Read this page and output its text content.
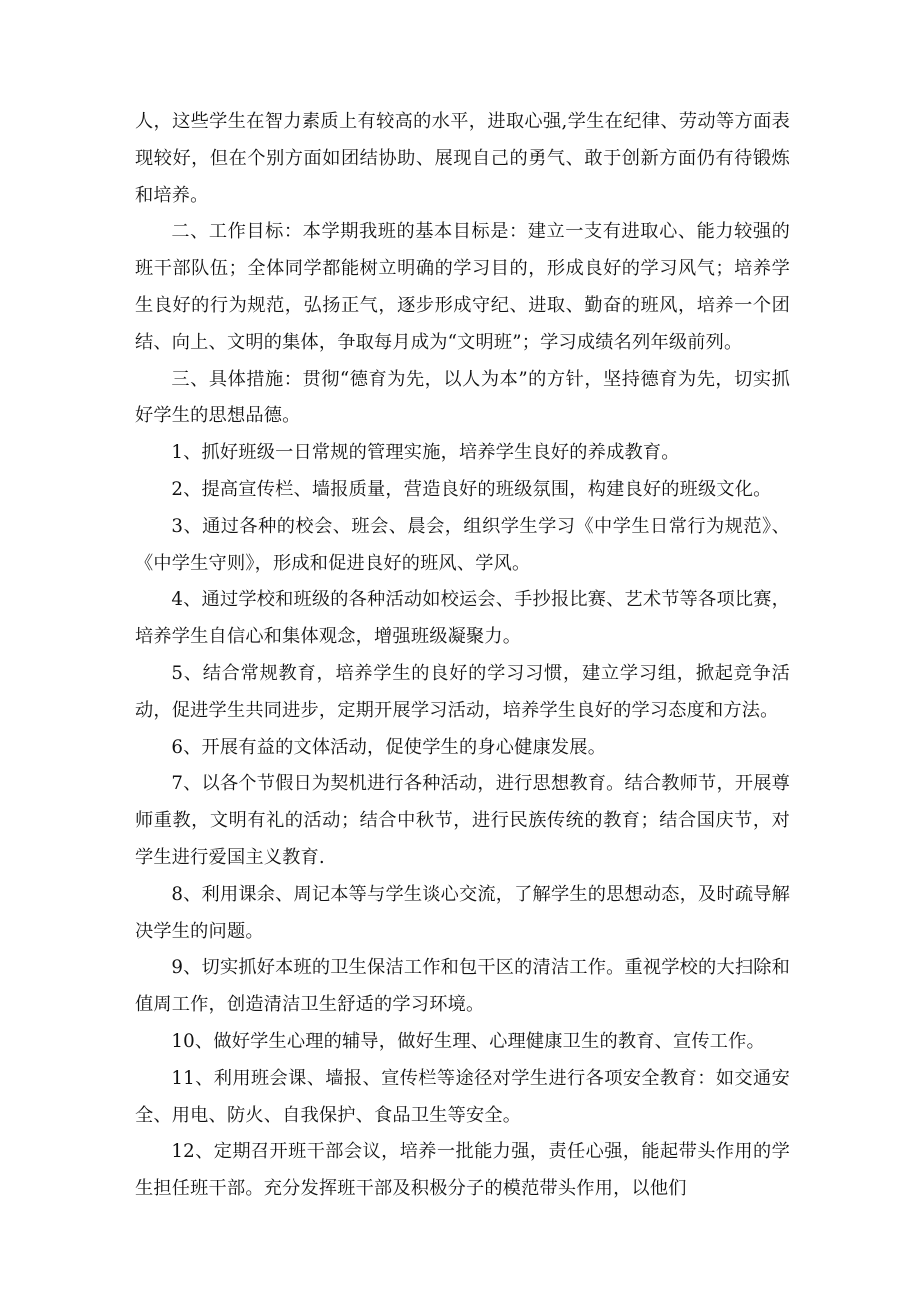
人，这些学生在智力素质上有较高的水平，进取心强,学生在纪律、劳动等方面表现较好，但在个别方面如团结协助、展现自己的勇气、敢于创新方面仍有待锻炼和培养。

二、工作目标：本学期我班的基本目标是：建立一支有进取心、能力较强的班干部队伍；全体同学都能树立明确的学习目的，形成良好的学习风气；培养学生良好的行为规范，弘扬正气，逐步形成守纪、进取、勤奋的班风，培养一个团结、向上、文明的集体，争取每月成为“文明班”；学习成绩名列年级前列。

三、具体措施：贯彻“德育为先，以人为本”的方针，坚持德育为先，切实抓好学生的思想品德。

1、抓好班级一日常规的管理实施，培养学生良好的养成教育。

2、提高宣传栏、墙报质量，营造良好的班级氛围，构建良好的班级文化。

3、通过各种的校会、班会、晨会，组织学生学习《中学生日常行为规范》、《中学生守则》，形成和促进良好的班风、学风。

4、通过学校和班级的各种活动如校运会、手抄报比赛、艺术节等各项比赛，培养学生自信心和集体观念，增强班级凝聚力。

5、结合常规教育，培养学生的良好的学习习惯，建立学习组，掀起竞争活动，促进学生共同进步，定期开展学习活动，培养学生良好的学习态度和方法。

6、开展有益的文体活动，促使学生的身心健康发展。

7、以各个节假日为契机进行各种活动，进行思想教育。结合教师节，开展尊师重教，文明有礼的活动；结合中秋节，进行民族传统的教育；结合国庆节，对学生进行爱国主义教育.

8、利用课余、周记本等与学生谈心交流，了解学生的思想动态，及时疏导解决学生的问题。

9、切实抓好本班的卫生保洁工作和包干区的清洁工作。重视学校的大扫除和值周工作，创造清洁卫生舒适的学习环境。

10、做好学生心理的辅导，做好生理、心理健康卫生的教育、宣传工作。

11、利用班会课、墙报、宣传栏等途径对学生进行各项安全教育：如交通安全、用电、防火、自我保护、食品卫生等安全。

12、定期召开班干部会议，培养一批能力强，责任心强，能起带头作用的学生担任班干部。充分发挥班干部及积极分子的模范带头作用，以他们
